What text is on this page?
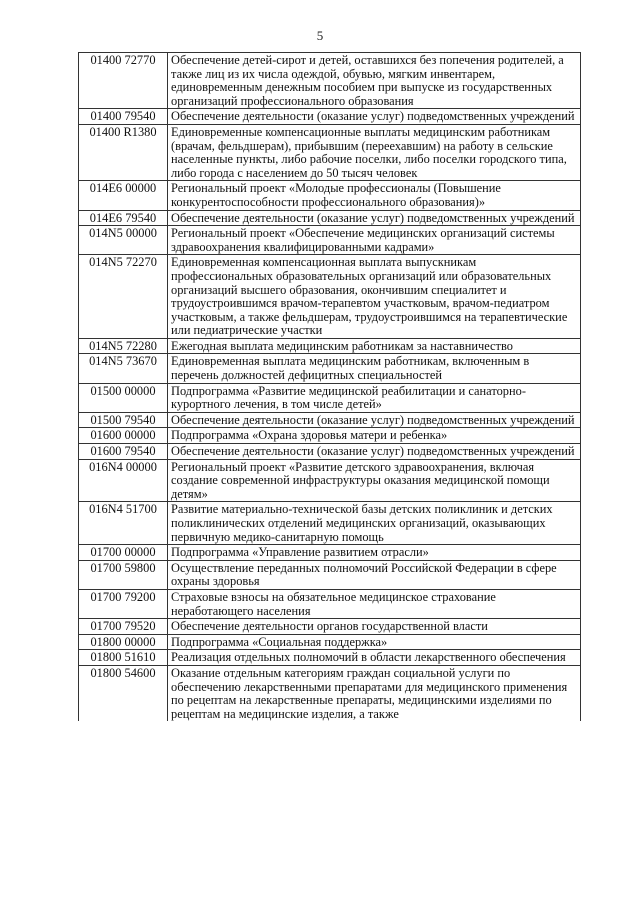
5
01400 72770	Обеспечение детей-сирот и детей, оставшихся без попечения родителей, а также лиц из их числа одеждой, обувью, мягким инвентарем, единовременным денежным пособием при выпуске из государственных организаций профессионального образования
01400 79540	Обеспечение деятельности (оказание услуг) подведомственных учреждений
01400 R1380	Единовременные компенсационные выплаты медицинским работникам (врачам, фельдшерам), прибывшим (переехавшим) на работу в сельские населенные пункты, либо рабочие поселки, либо поселки городского типа, либо города с населением до 50 тысяч человек
014E6 00000	Региональный проект «Молодые профессионалы (Повышение конкурентоспособности профессионального образования)»
014E6 79540	Обеспечение деятельности (оказание услуг) подведомственных учреждений
014N5 00000	Региональный проект «Обеспечение медицинских организаций системы здравоохранения квалифицированными кадрами»
014N5 72270	Единовременная компенсационная выплата выпускникам профессиональных образовательных организаций или образовательных организаций высшего образования, окончившим специалитет и трудоустроившимся врачом-терапевтом участковым, врачом-педиатром участковым, а также фельдшерам, трудоустроившимся на терапевтические или педиатрические участки
014N5 72280	Ежегодная выплата медицинским работникам за наставничество
014N5 73670	Единовременная выплата медицинским работникам, включенным в перечень должностей дефицитных специальностей
01500 00000	Подпрограмма «Развитие медицинской реабилитации и санаторно-курортного лечения, в том числе детей»
01500 79540	Обеспечение деятельности (оказание услуг) подведомственных учреждений
01600 00000	Подпрограмма «Охрана здоровья матери и ребенка»
01600 79540	Обеспечение деятельности (оказание услуг) подведомственных учреждений
016N4 00000	Региональный проект «Развитие детского здравоохранения, включая создание современной инфраструктуры оказания медицинской помощи детям»
016N4 51700	Развитие материально-технической базы детских поликлиник и детских поликлинических отделений медицинских организаций, оказывающих первичную медико-санитарную помощь
01700 00000	Подпрограмма «Управление развитием отрасли»
01700 59800	Осуществление переданных полномочий Российской Федерации в сфере охраны здоровья
01700 79200	Страховые взносы на обязательное медицинское страхование неработающего населения
01700 79520	Обеспечение деятельности органов государственной власти
01800 00000	Подпрограмма «Социальная поддержка»
01800 51610	Реализация отдельных полномочий в области лекарственного обеспечения
01800 54600	Оказание отдельным категориям граждан социальной услуги по обеспечению лекарственными препаратами для медицинского применения по рецептам на лекарственные препараты, медицинскими изделиями по рецептам на медицинские изделия, а также
